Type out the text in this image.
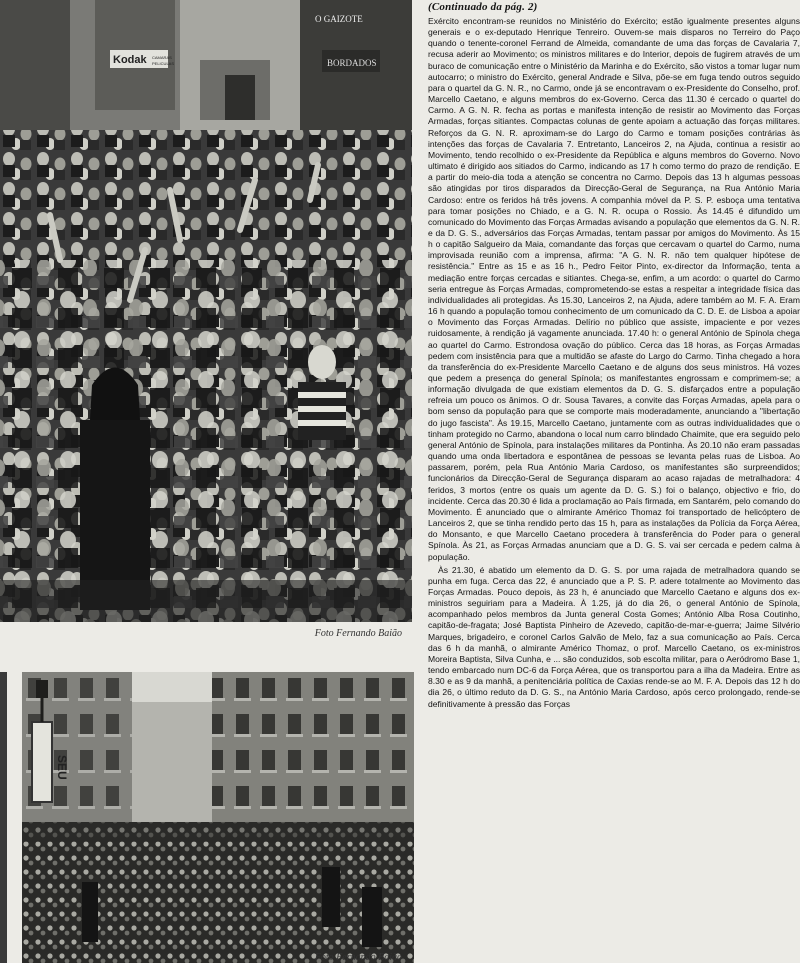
Kodak CAMARAS
PELICULAS
O GAIZOTE
BORDADOS
Foto Fernando Baião
SEU
Foto Fernando Baião
(Continuado da pág. 2)

Exército encontram-se reunidos no Ministério do Exército; estão igualmente presentes alguns generais e o ex-deputado Henrique Tenreiro. Ouvem-se mais disparos no Terreiro do Paço quando o tenente-coronel Ferrand de Almeida, comandante de uma das forças de Cavalaria 7, recusa aderir ao Movimento; os ministros militares e do Interior, depois de fugirem através de um buraco de comunicação entre o Ministério da Marinha e do Exército, são vistos a tomar lugar num autocarro; o ministro do Exército, general Andrade e Silva, põe-se em fuga tendo outros seguido para o quartel da G. N. R., no Carmo, onde já se encontravam o ex-Presidente do Conselho, prof. Marcello Caetano, e alguns membros do ex-Governo. Cerca das 11.30 é cercado o quartel do Carmo. A G. N. R. fecha as portas e manifesta intenção de resistir ao Movimento das Forças Armadas, forças sitiantes. Compactas colunas de gente apoiam a actuação das forças militares. Reforços da G. N. R. aproximam-se do Largo do Carmo e tomam posições contrárias às intenções das forças de Cavalaria 7. Entretanto, Lanceiros 2, na Ajuda, continua a resistir ao Movimento, tendo recolhido o ex-Presidente da República e alguns membros do Governo. Novo ultimato é dirigido aos sitiados do Carmo, indicando as 17 h como termo do prazo de rendição. E a partir do meio-dia toda a atenção se concentra no Carmo. Depois das 13 h algumas pessoas são atingidas por tiros disparados da Direcção-Geral de Segurança, na Rua António Maria Cardoso: entre os feridos há três jovens. A companhia móvel da P. S. P. esboça uma tentativa para tomar posições no Chiado, e a G. N. R. ocupa o Rossio. Às 14.45 é difundido um comunicado do Movimento das Forças Armadas avisando a população que elementos da G. N. R. e da D. G. S., adversários das Forças Armadas, tentam passar por amigos do Movimento. Às 15 h o capitão Salgueiro da Maia, comandante das forças que cercavam o quartel do Carmo, numa improvisada reunião com a imprensa, afirma: "A G. N. R. não tem qualquer hipótese de resistência." Entre as 15 e as 16 h., Pedro Feitor Pinto, ex-director da Informação, tenta a mediação entre forças cercadas e sitiantes. Chega-se, enfim, a um acordo: o quartel do Carmo seria entregue às Forças Armadas, comprometendo-se estas a respeitar a integridade física das individualidades ali protegidas. Às 15.30, Lanceiros 2, na Ajuda, adere também ao M. F. A. Eram 16 h quando a população tomou conhecimento de um comunicado da C. D. E. de Lisboa a apoiar o Movimento das Forças Armadas. Delírio no público que assiste, impaciente e por vezes ruidosamente, à rendição já vagamente anunciada. 17.40 h: o general António de Spínola chega ao quartel do Carmo. Estrondosa ovação do público. Cerca das 18 horas, as Forças Armadas pedem com insistência para que a multidão se afaste do Largo do Carmo. Tinha chegado a hora da transferência do ex-Presidente Marcello Caetano e de alguns dos seus ministros. Há vozes que pedem a presença do general Spínola; os manifestantes engrossam e comprimem-se; a informação divulgada de que existiam elementos da D. G. S. disfarçados entre a população refreia um pouco os ânimos. O dr. Sousa Tavares, a convite das Forças Armadas, apela para o bom senso da população para que se comporte mais moderadamente, anunciando a "libertação do jugo fascista". Às 19.15, Marcello Caetano, juntamente com as outras individualidades que o tinham protegido no Carmo, abandona o local num carro blindado Chaimite, que era seguido pelo general António de Spínola, para instalações militares da Pontinha. Às 20.10 não eram passadas quando uma onda libertadora e espontânea de pessoas se levanta pelas ruas de Lisboa. Ao passarem, porém, pela Rua António Maria Cardoso, os manifestantes são surpreendidos; funcionários da Direcção-Geral de Segurança disparam ao acaso rajadas de metralhadora: 4 feridos, 3 mortos (entre os quais um agente da D. G. S.) foi o balanço, objectivo e frio, do incidente. Cerca das 20.30 é lida a proclamação ao País firmada, em Santarém, pelo comando do Movimento. É anunciado que o almirante Américo Thomaz foi transportado de helicóptero de Lanceiros 2, que se tinha rendido perto das 15 h, para as instalações da Polícia da Força Aérea, do Monsanto, e que Marcello Caetano procedera à transferência do Poder para o general Spínola. Às 21, as Forças Armadas anunciam que a D. G. S. vai ser cercada e pedem calma à população.

Às 21.30, é abatido um elemento da D. G. S. por uma rajada de metralhadora quando se punha em fuga. Cerca das 22, é anunciado que a P. S. P. adere totalmente ao Movimento das Forças Armadas. Pouco depois, às 23 h, é anunciado que Marcello Caetano e alguns dos ex-ministros seguiriam para a Madeira. À 1.25, já do dia 26, o general António de Spínola, acompanhado pelos membros da Junta general Costa Gomes; António Alba Rosa Coutinho, capitão-de-fragata; José Baptista Pinheiro de Azevedo, capitão-de-mar-e-guerra; Jaime Silvério Marques, brigadeiro, e coronel Carlos Galvão de Melo, faz a sua comunicação ao País. Cerca das 6 h da manhã, o almirante Américo Thomaz, o prof. Marcello Caetano, os ex-ministros Moreira Baptista, Silva Cunha, e ... são conduzidos, sob escolta militar, para o Aeródromo Base 1, tendo embarcado num DC-6 da Força Aérea, que os transportou para a ilha da Madeira. Entre as 8.30 e as 9 da manhã, a penitenciária política de Caxias rende-se ao M. F. A. Depois das 12 h do dia 26, o último reduto da D. G. S., na António Maria Cardoso, após cerco prolongado, rende-se definitivamente à pressão das Forças
